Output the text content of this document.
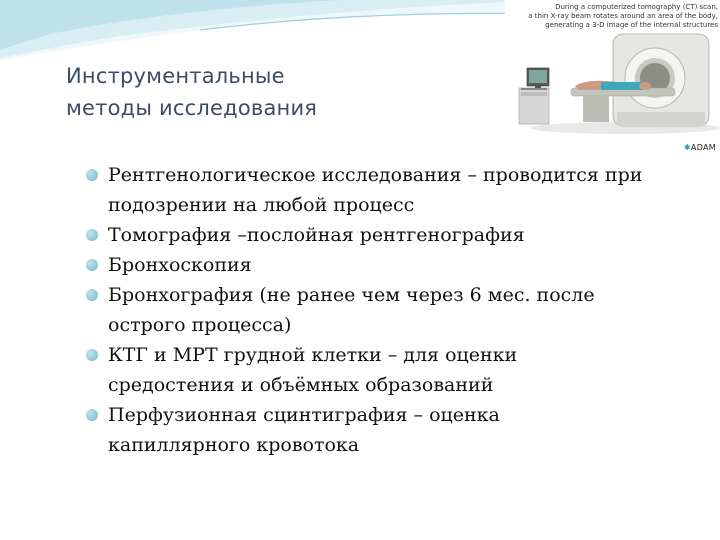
Инструментальные
методы исследования
During a computerized tomography (CT) scan,
a thin X-ray beam rotates around an area of the body,
generating a 3-D image of the internal structures
✱ADAM
Рентгенологическое исследования – проводится при
подозрении на любой процесс
Томография –послойная рентгенография
Бронхоскопия
Бронхография (не ранее чем через 6 мес. после
острого процесса)
КТГ и МРТ грудной клетки – для оценки
средостения и объёмных образований
Перфузионная сцинтиграфия – оценка
капиллярного кровотока
